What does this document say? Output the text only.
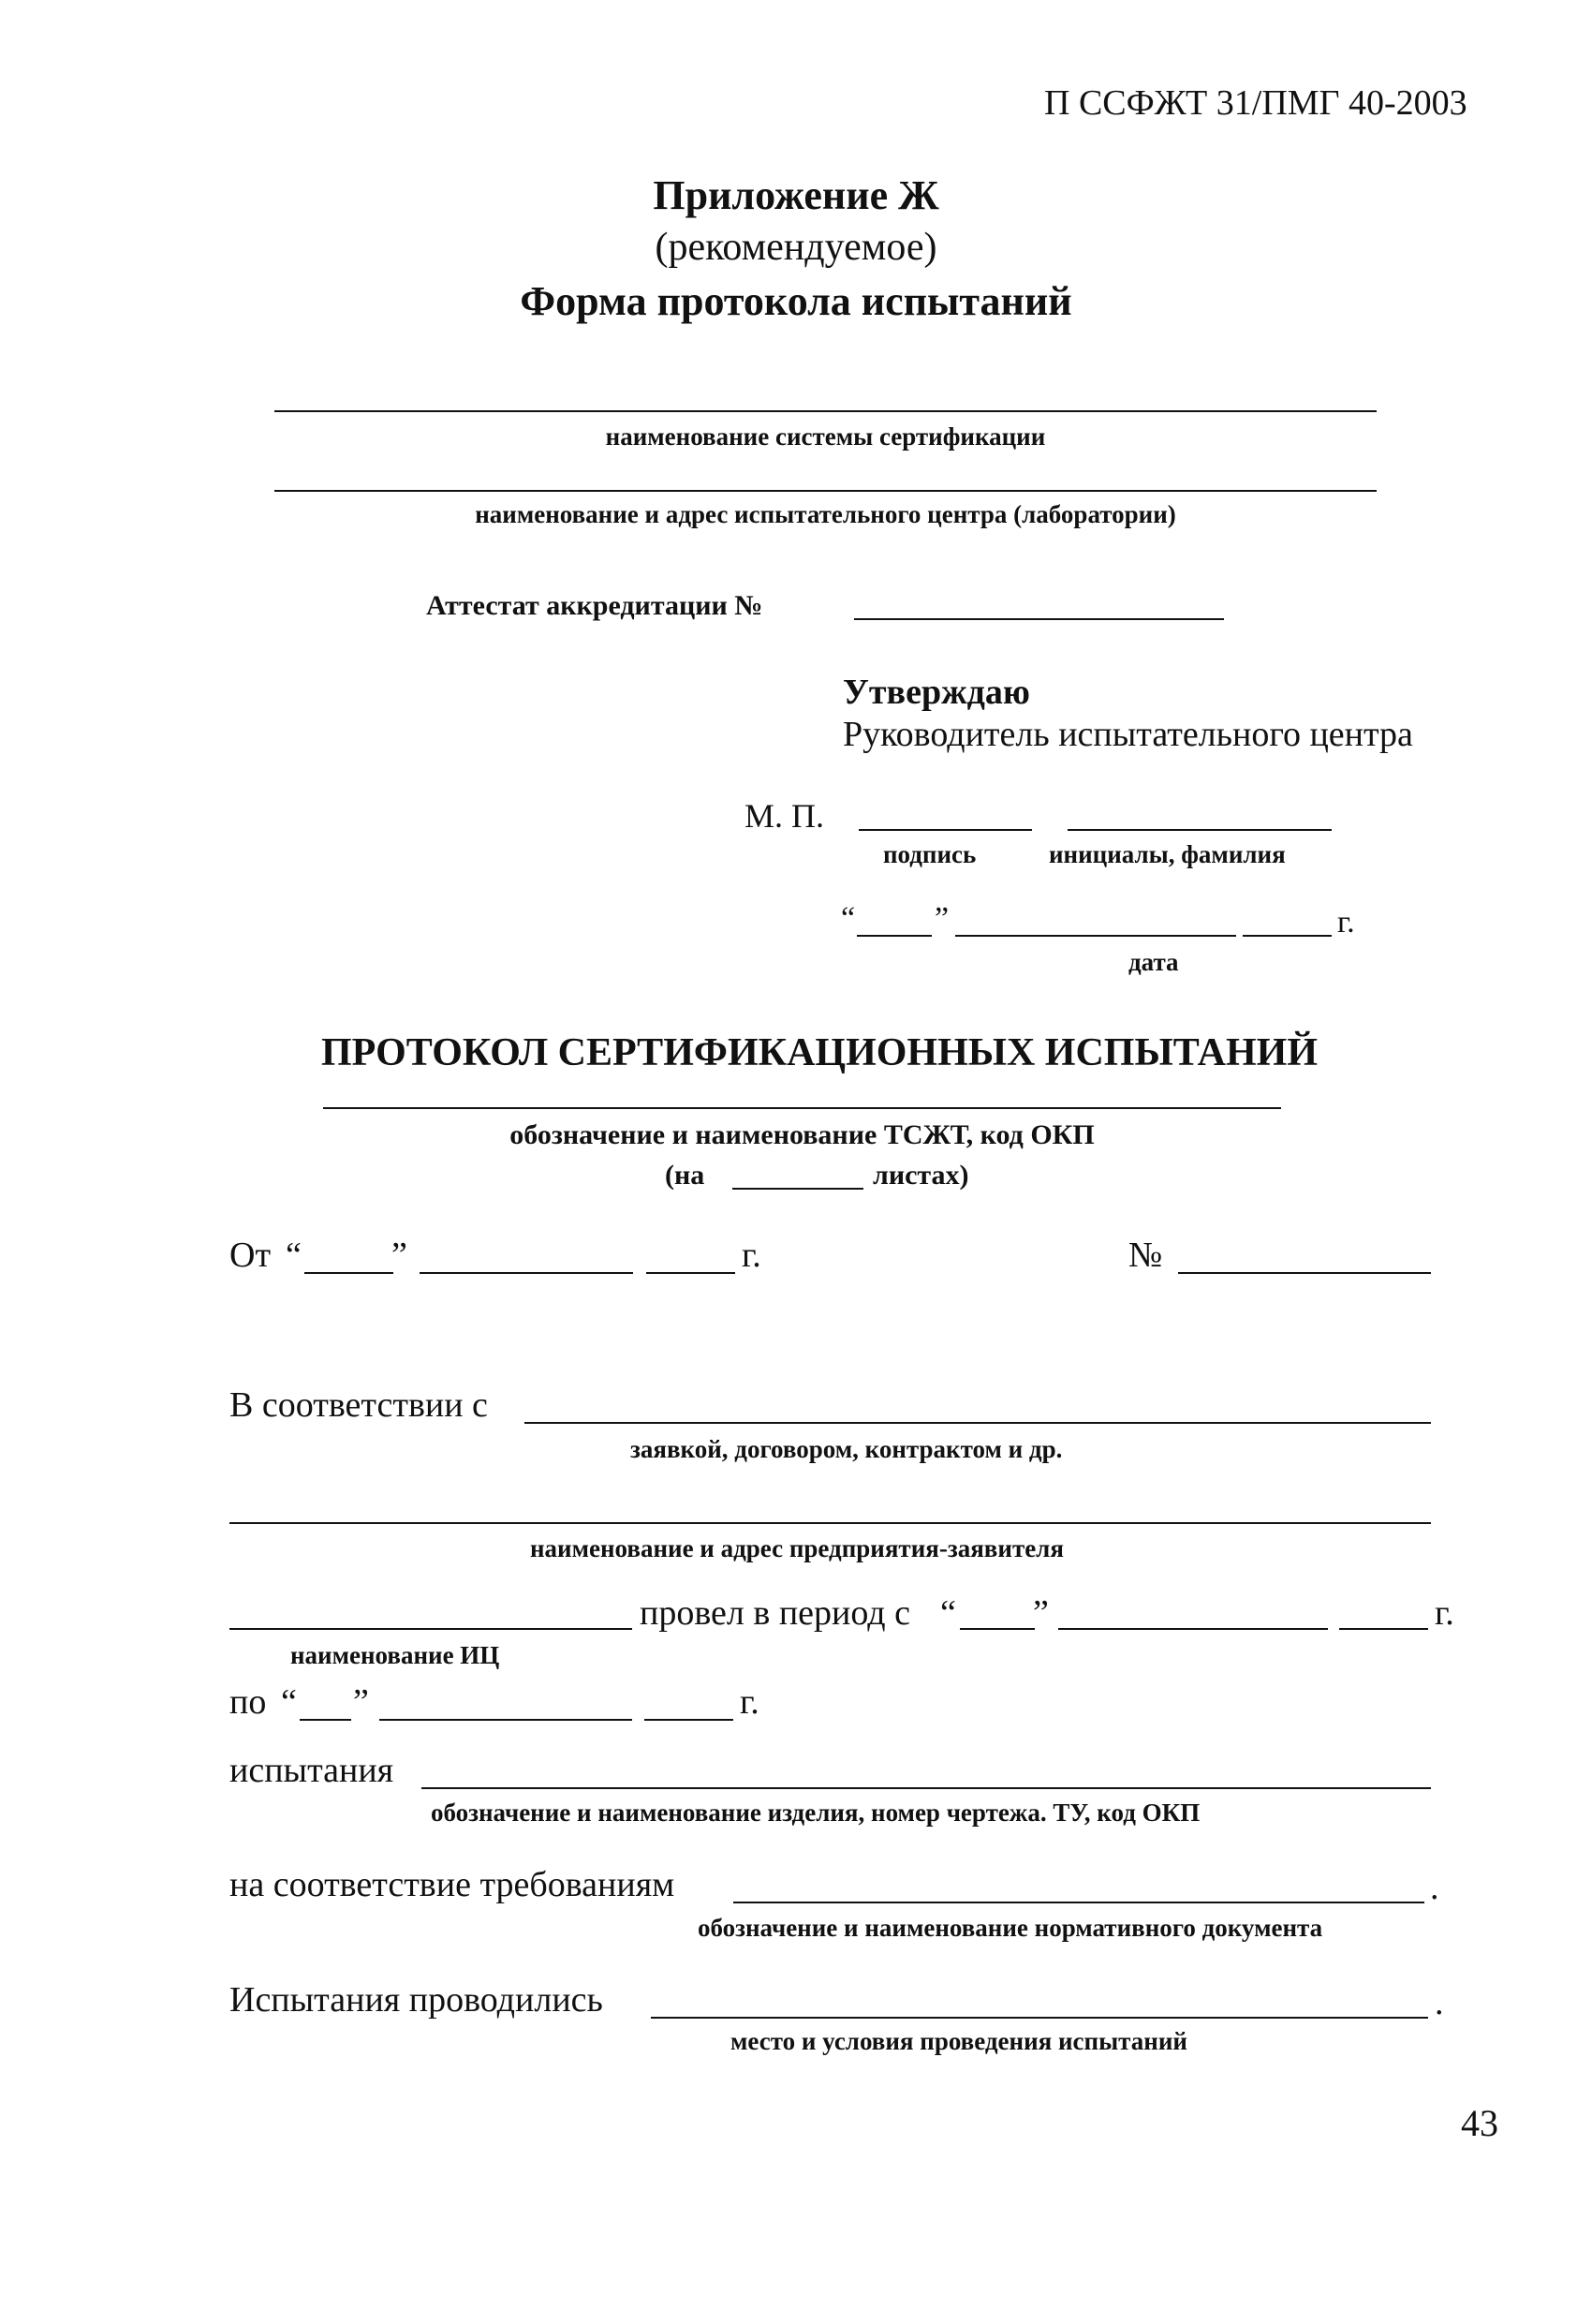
П ССФЖТ 31/ПМГ 40-2003
Приложение Ж
(рекомендуемое)
Форма протокола испытаний
наименование системы сертификации
наименование и адрес испытательного центра (лаборатории)
Аттестат аккредитации №
Утверждаю
Руководитель испытательного центра
М. П.
подпись	инициалы, фамилия
“ ”	г.
дата
ПРОТОКОЛ СЕРТИФИКАЦИОННЫХ ИСПЫТАНИЙ
обозначение и наименование ТСЖТ, код ОКП
(на	листах)
От “	”	г.	№
В соответствии с
заявкой, договором, контрактом и др.
наименование и адрес предприятия-заявителя
провел в период с “ ”	г.
наименование ИЦ
по “ ”	г.
испытания
обозначение и наименование изделия, номер чертежа. ТУ, код ОКП
на соответствие требованиям	.
обозначение и наименование нормативного документа
Испытания проводились	.
место и условия проведения испытаний
43
